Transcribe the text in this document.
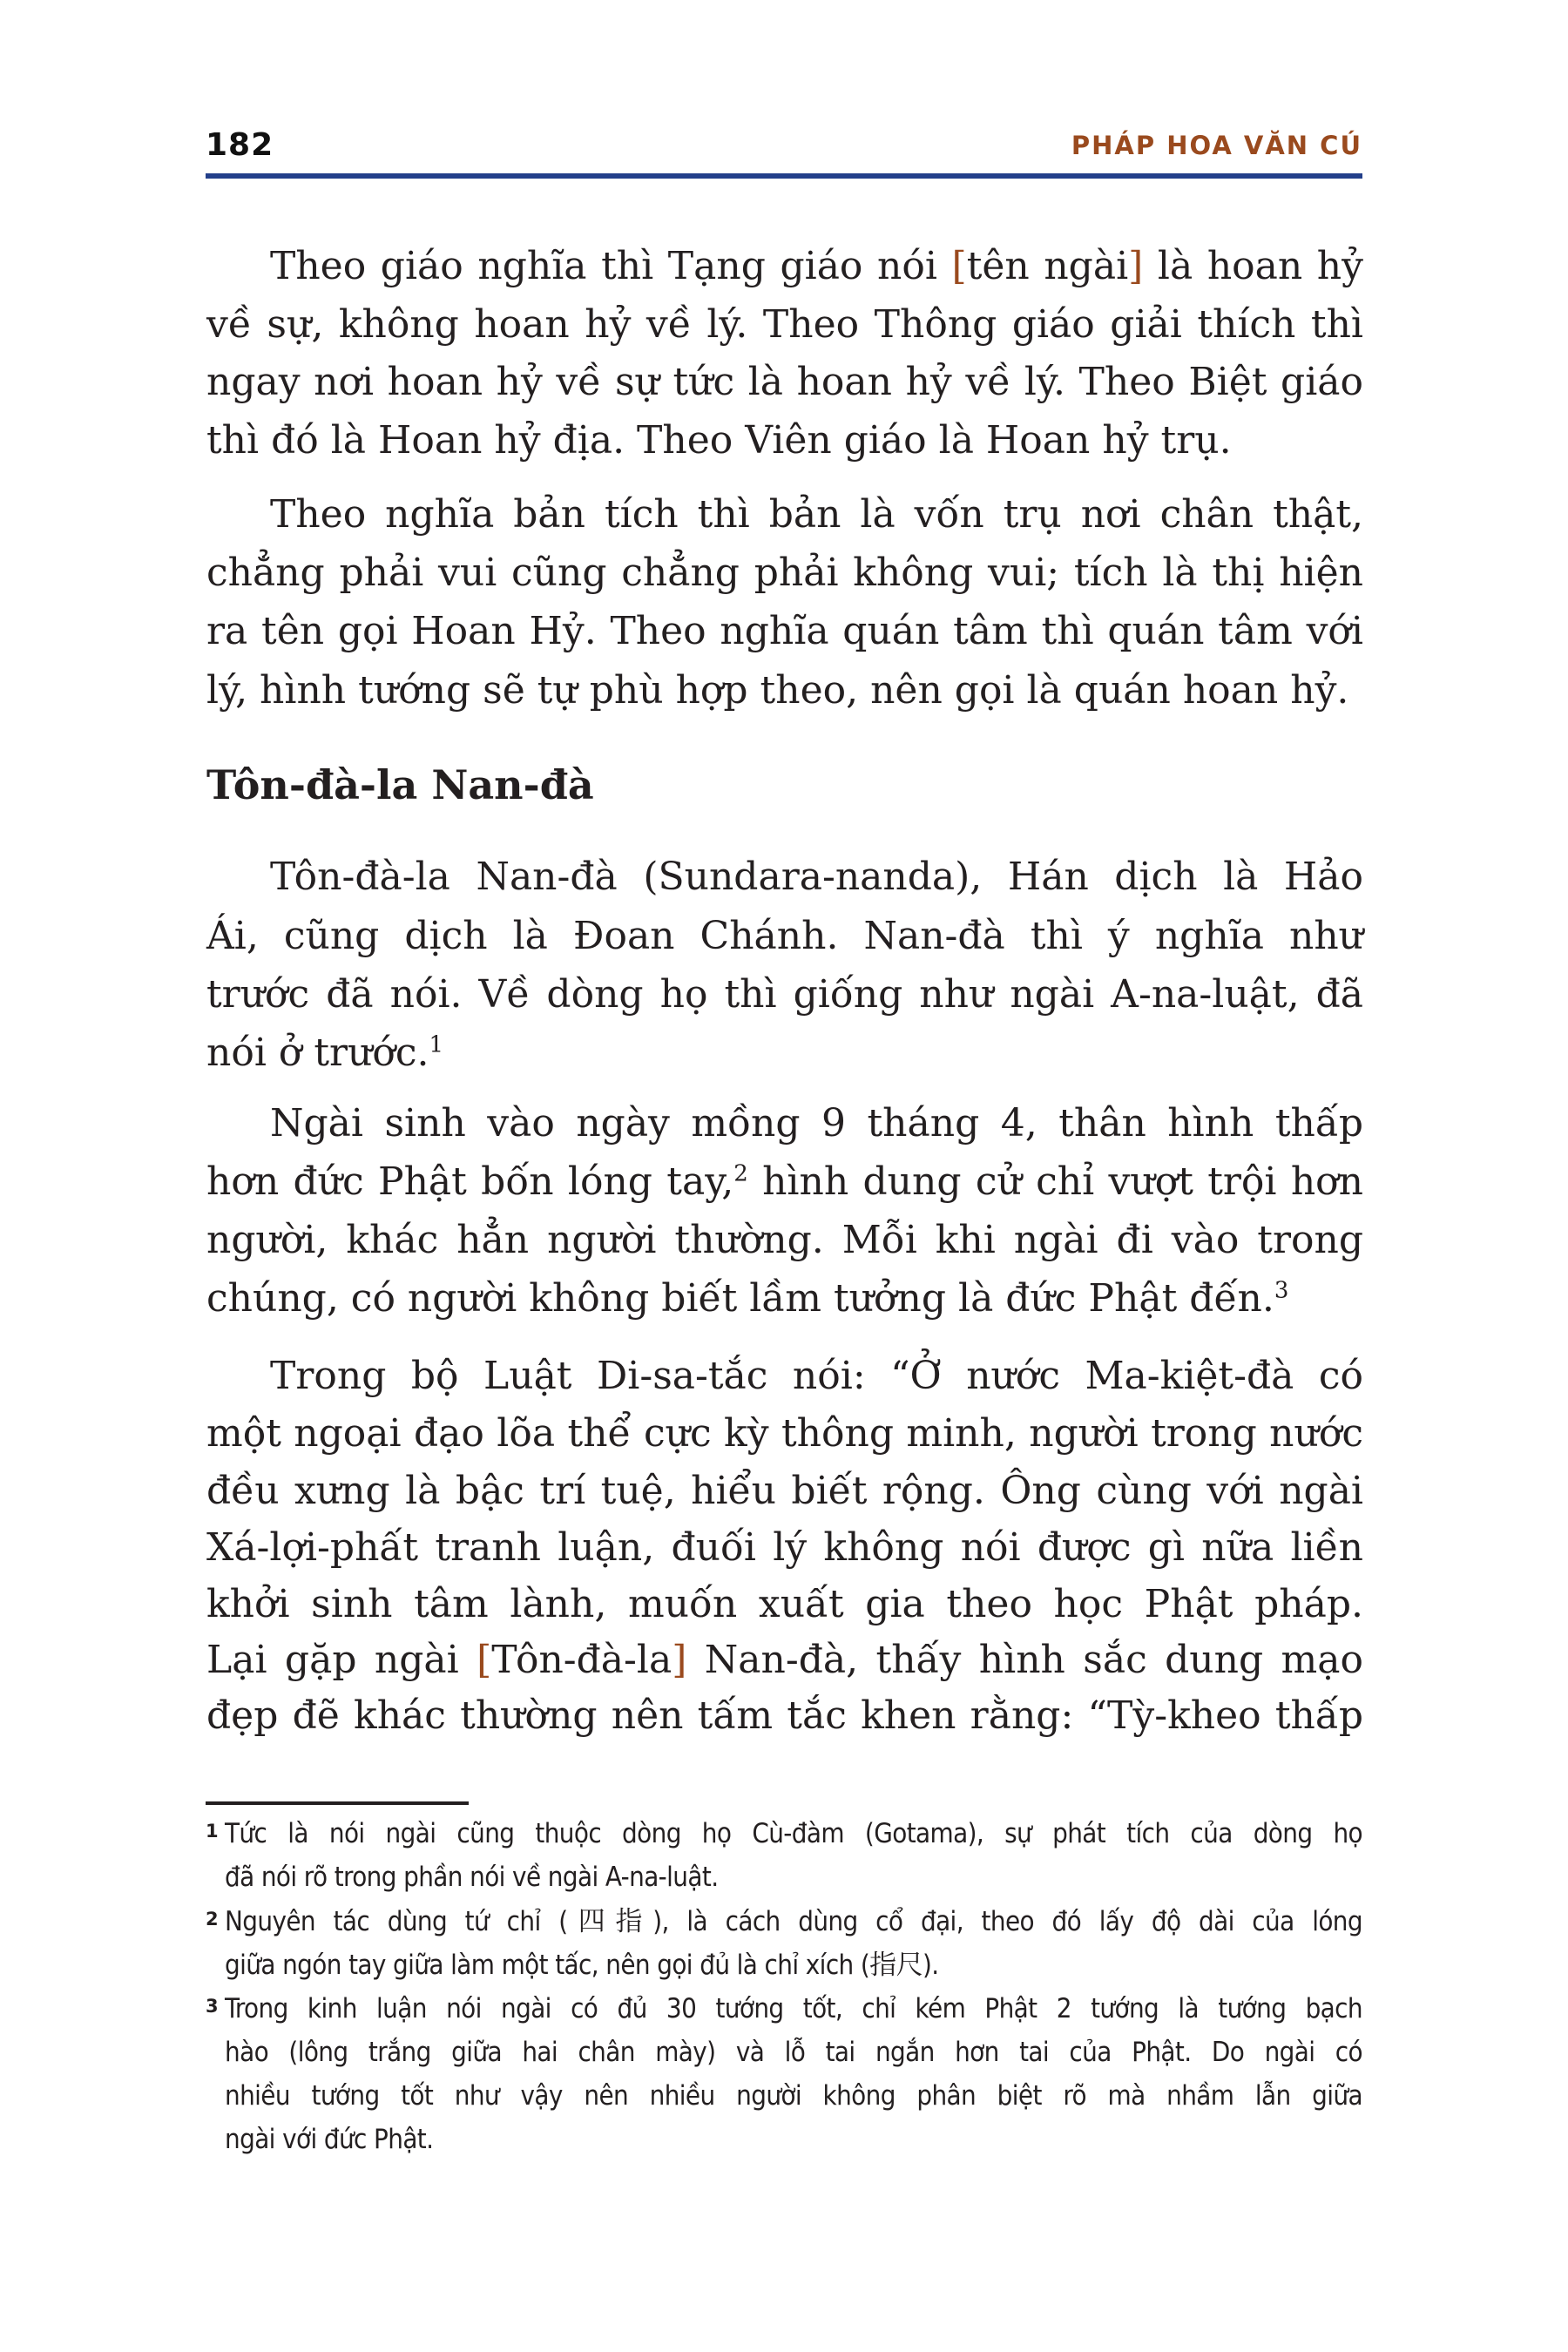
182	PHÁP HOA VĂN CÚ
Theo giáo nghĩa thì Tạng giáo nói [tên ngài] là hoan hỷ
về sự, không hoan hỷ về lý. Theo Thông giáo giải thích thì
ngay nơi hoan hỷ về sự tức là hoan hỷ về lý. Theo Biệt giáo
thì đó là Hoan hỷ địa. Theo Viên giáo là Hoan hỷ trụ.
Theo nghĩa bản tích thì bản là vốn trụ nơi chân thật,
chẳng phải vui cũng chẳng phải không vui; tích là thị hiện
ra tên gọi Hoan Hỷ. Theo nghĩa quán tâm thì quán tâm với
lý, hình tướng sẽ tự phù hợp theo, nên gọi là quán hoan hỷ.
Tôn-đà-la Nan-đà
Tôn-đà-la Nan-đà (Sundara-nanda), Hán dịch là Hảo
Ái, cũng dịch là Đoan Chánh. Nan-đà thì ý nghĩa như
trước đã nói. Về dòng họ thì giống như ngài A-na-luật, đã
nói ở trước.$^1$
Ngài sinh vào ngày mồng 9 tháng 4, thân hình thấp
hơn đức Phật bốn lóng tay,$^2$ hình dung cử chỉ vượt trội hơn
người, khác hẳn người thường. Mỗi khi ngài đi vào trong
chúng, có người không biết lầm tưởng là đức Phật đến.$^3$
Trong bộ Luật Di-sa-tắc nói: “Ở nước Ma-kiệt-đà có
một ngoại đạo lõa thể cực kỳ thông minh, người trong nước
đều xưng là bậc trí tuệ, hiểu biết rộng. Ông cùng với ngài
Xá-lợi-phất tranh luận, đuối lý không nói được gì nữa liền
khởi sinh tâm lành, muốn xuất gia theo học Phật pháp.
Lại gặp ngài [Tôn-đà-la] Nan-đà, thấy hình sắc dung mạo
đẹp đẽ khác thường nên tấm tắc khen rằng: “Tỳ-kheo thấp
1 Tức là nói ngài cũng thuộc dòng họ Cù-đàm (Gotama), sự phát tích của dòng họ
đã nói rõ trong phần nói về ngài A-na-luật.
2 Nguyên tác dùng tứ chỉ (四指), là cách dùng cổ đại, theo đó lấy độ dài của lóng
giữa ngón tay giữa làm một tấc, nên gọi đủ là chỉ xích (指尺).
3 Trong kinh luận nói ngài có đủ 30 tướng tốt, chỉ kém Phật 2 tướng là tướng bạch
hào (lông trắng giữa hai chân mày) và lỗ tai ngắn hơn tai của Phật. Do ngài có
nhiều tướng tốt như vậy nên nhiều người không phân biệt rõ mà nhầm lẫn giữa
ngài với đức Phật.
